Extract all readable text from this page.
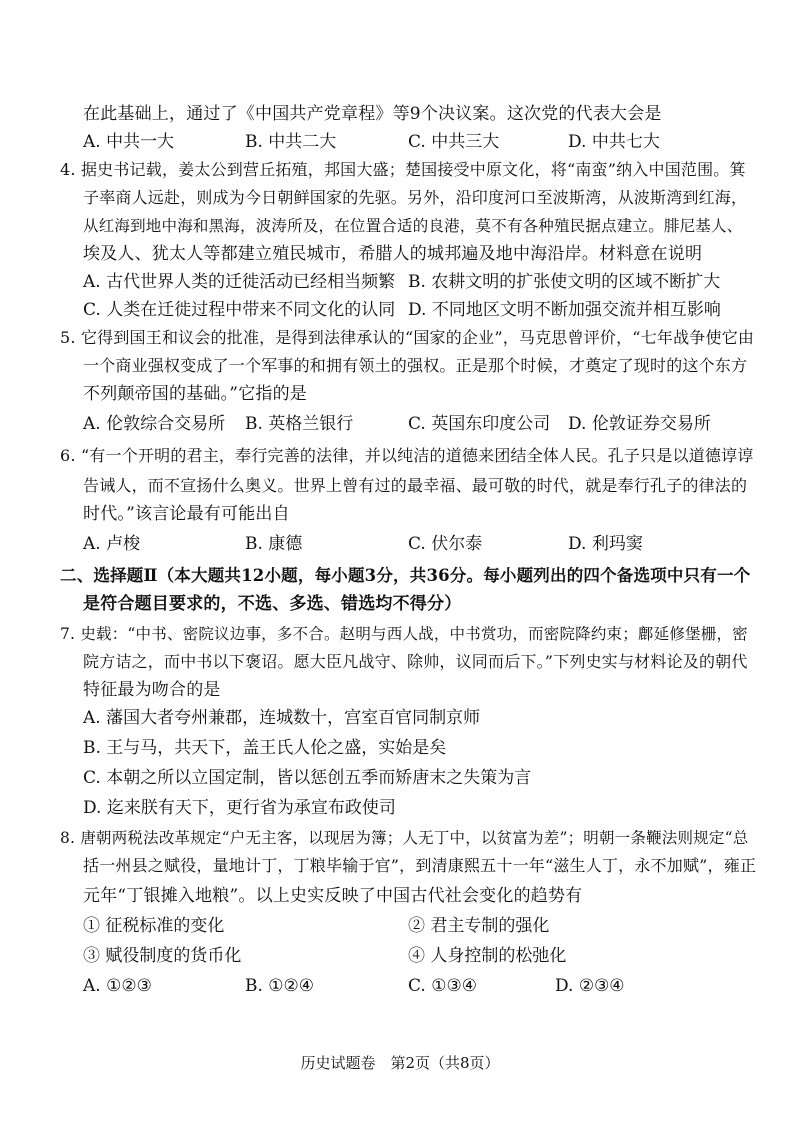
在此基础上，通过了《中国共产党章程》等9个决议案。这次党的代表大会是
A. 中共一大	B. 中共二大	C. 中共三大	D. 中共七大
4. 据史书记载，姜太公到营丘拓殖，邦国大盛；楚国接受中原文化，将“南蛮”纳入中国范围。箕
子率商人远赴，则成为今日朝鲜国家的先驱。另外，沿印度河口至波斯湾，从波斯湾到红海，
从红海到地中海和黑海，波涛所及，在位置合适的良港，莫不有各种殖民据点建立。腓尼基人、
埃及人、犹太人等都建立殖民城市，希腊人的城邦遍及地中海沿岸。材料意在说明
A. 古代世界人类的迁徙活动已经相当频繁 B. 农耕文明的扩张使文明的区域不断扩大
C. 人类在迁徙过程中带来不同文化的认同 D. 不同地区文明不断加强交流并相互影响
5. 它得到国王和议会的批准，是得到法律承认的“国家的企业”，马克思曾评价，“七年战争使它由
一个商业强权变成了一个军事的和拥有领土的强权。正是那个时候，才奠定了现时的这个东方
不列颠帝国的基础。”它指的是
A. 伦敦综合交易所 B. 英格兰银行	C. 英国东印度公司 D. 伦敦证券交易所
6. “有一个开明的君主，奉行完善的法律，并以纯洁的道德来团结全体人民。孔子只是以道德谆谆
告诫人，而不宣扬什么奥义。世界上曾有过的最幸福、最可敬的时代，就是奉行孔子的律法的
时代。”该言论最有可能出自
A. 卢梭	B. 康德	C. 伏尔泰	D. 利玛窦
二、选择题Ⅱ（本大题共12小题，每小题3分，共36分。每小题列出的四个备选项中只有一个
是符合题目要求的，不选、多选、错选均不得分）
7. 史载：“中书、密院议边事，多不合。赵明与西人战，中书赏功，而密院降约束；鄜延修堡栅，密
院方诘之，而中书以下褒诏。愿大臣凡战守、除帅，议同而后下。”下列史实与材料论及的朝代
特征最为吻合的是
A. 藩国大者夸州兼郡，连城数十，宫室百官同制京师
B. 王与马，共天下，盖王氏人伦之盛，实始是矣
C. 本朝之所以立国定制，皆以惩创五季而矫唐末之失策为言
D. 迄来朕有天下，更行省为承宣布政使司
8. 唐朝两税法改革规定“户无主客，以现居为簿；人无丁中，以贫富为差”；明朝一条鞭法则规定“总
括一州县之赋役，量地计丁，丁粮毕输于官”，到清康熙五十一年“滋生人丁，永不加赋”，雍正
元年“丁银摊入地粮”。以上史实反映了中国古代社会变化的趋势有
① 征税标准的变化	② 君主专制的强化
③ 赋役制度的货币化	④ 人身控制的松弛化
A. ①②③	B. ①②④	C. ①③④	D. ②③④
历史试题卷　第2页（共8页）
